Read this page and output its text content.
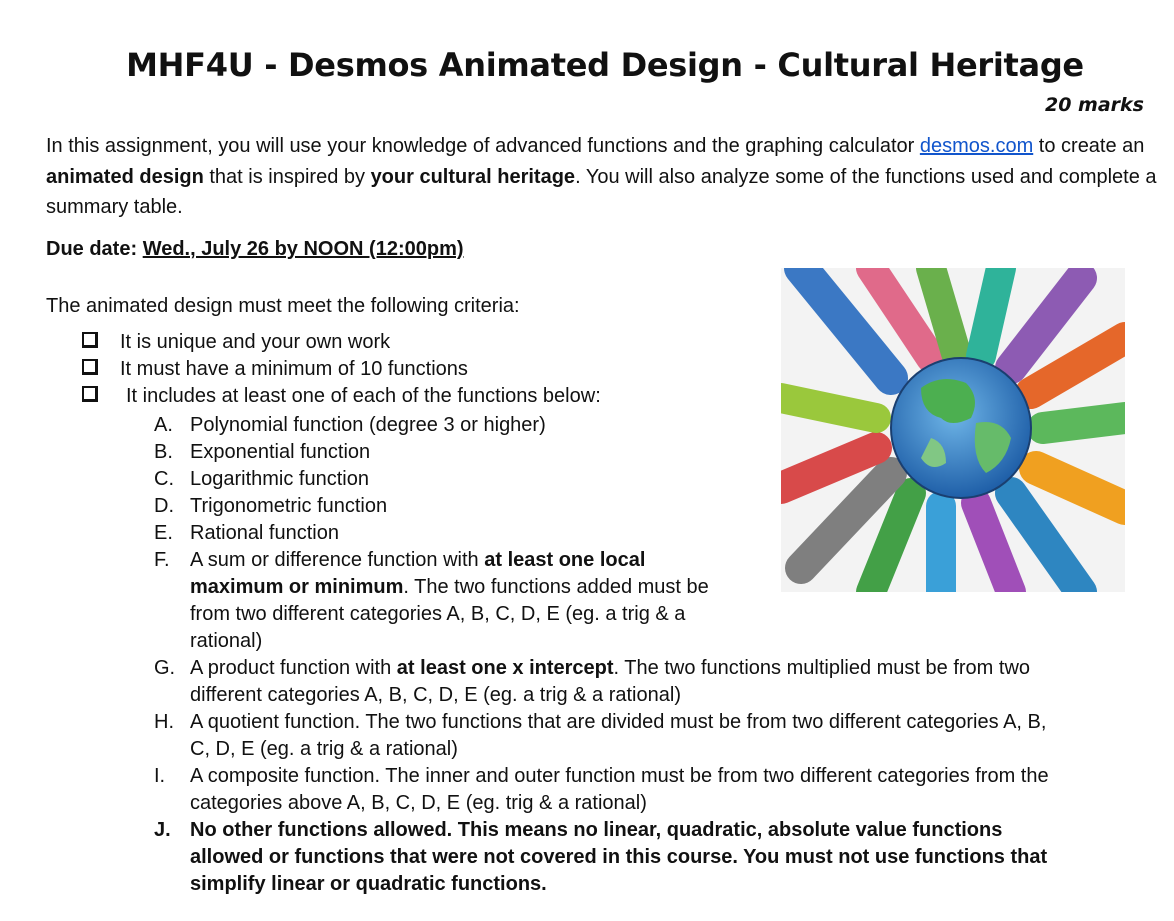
MHF4U - Desmos Animated Design - Cultural Heritage
20 marks
In this assignment, you will use your knowledge of advanced functions and the graphing calculator desmos.com to create an animated design that is inspired by your cultural heritage. You will also analyze some of the functions used and complete a summary table.
Due date: Wed., July 26 by NOON (12:00pm)
The animated design must meet the following criteria:
It is unique and your own work
It must have a minimum of 10 functions
It includes at least one of each of the functions below:
A. Polynomial function (degree 3 or higher)
B. Exponential function
C. Logarithmic function
D. Trigonometric function
E. Rational function
F. A sum or difference function with at least one local
maximum or minimum. The two functions added must be
from two different categories A, B, C, D, E (eg. a trig & a
rational)
G. A product function with at least one x intercept. The two functions multiplied must be from two
different categories A, B, C, D, E (eg. a trig & a rational)
H. A quotient function. The two functions that are divided must be from two different categories A, B,
C, D, E (eg. a trig & a rational)
I. A composite function. The inner and outer function must be from two different categories from the
categories above A, B, C, D, E (eg. trig & a rational)
J. No other functions allowed. This means no linear, quadratic, absolute value functions
allowed or functions that were not covered in this course. You must not use functions that
simplify linear or quadratic functions.
